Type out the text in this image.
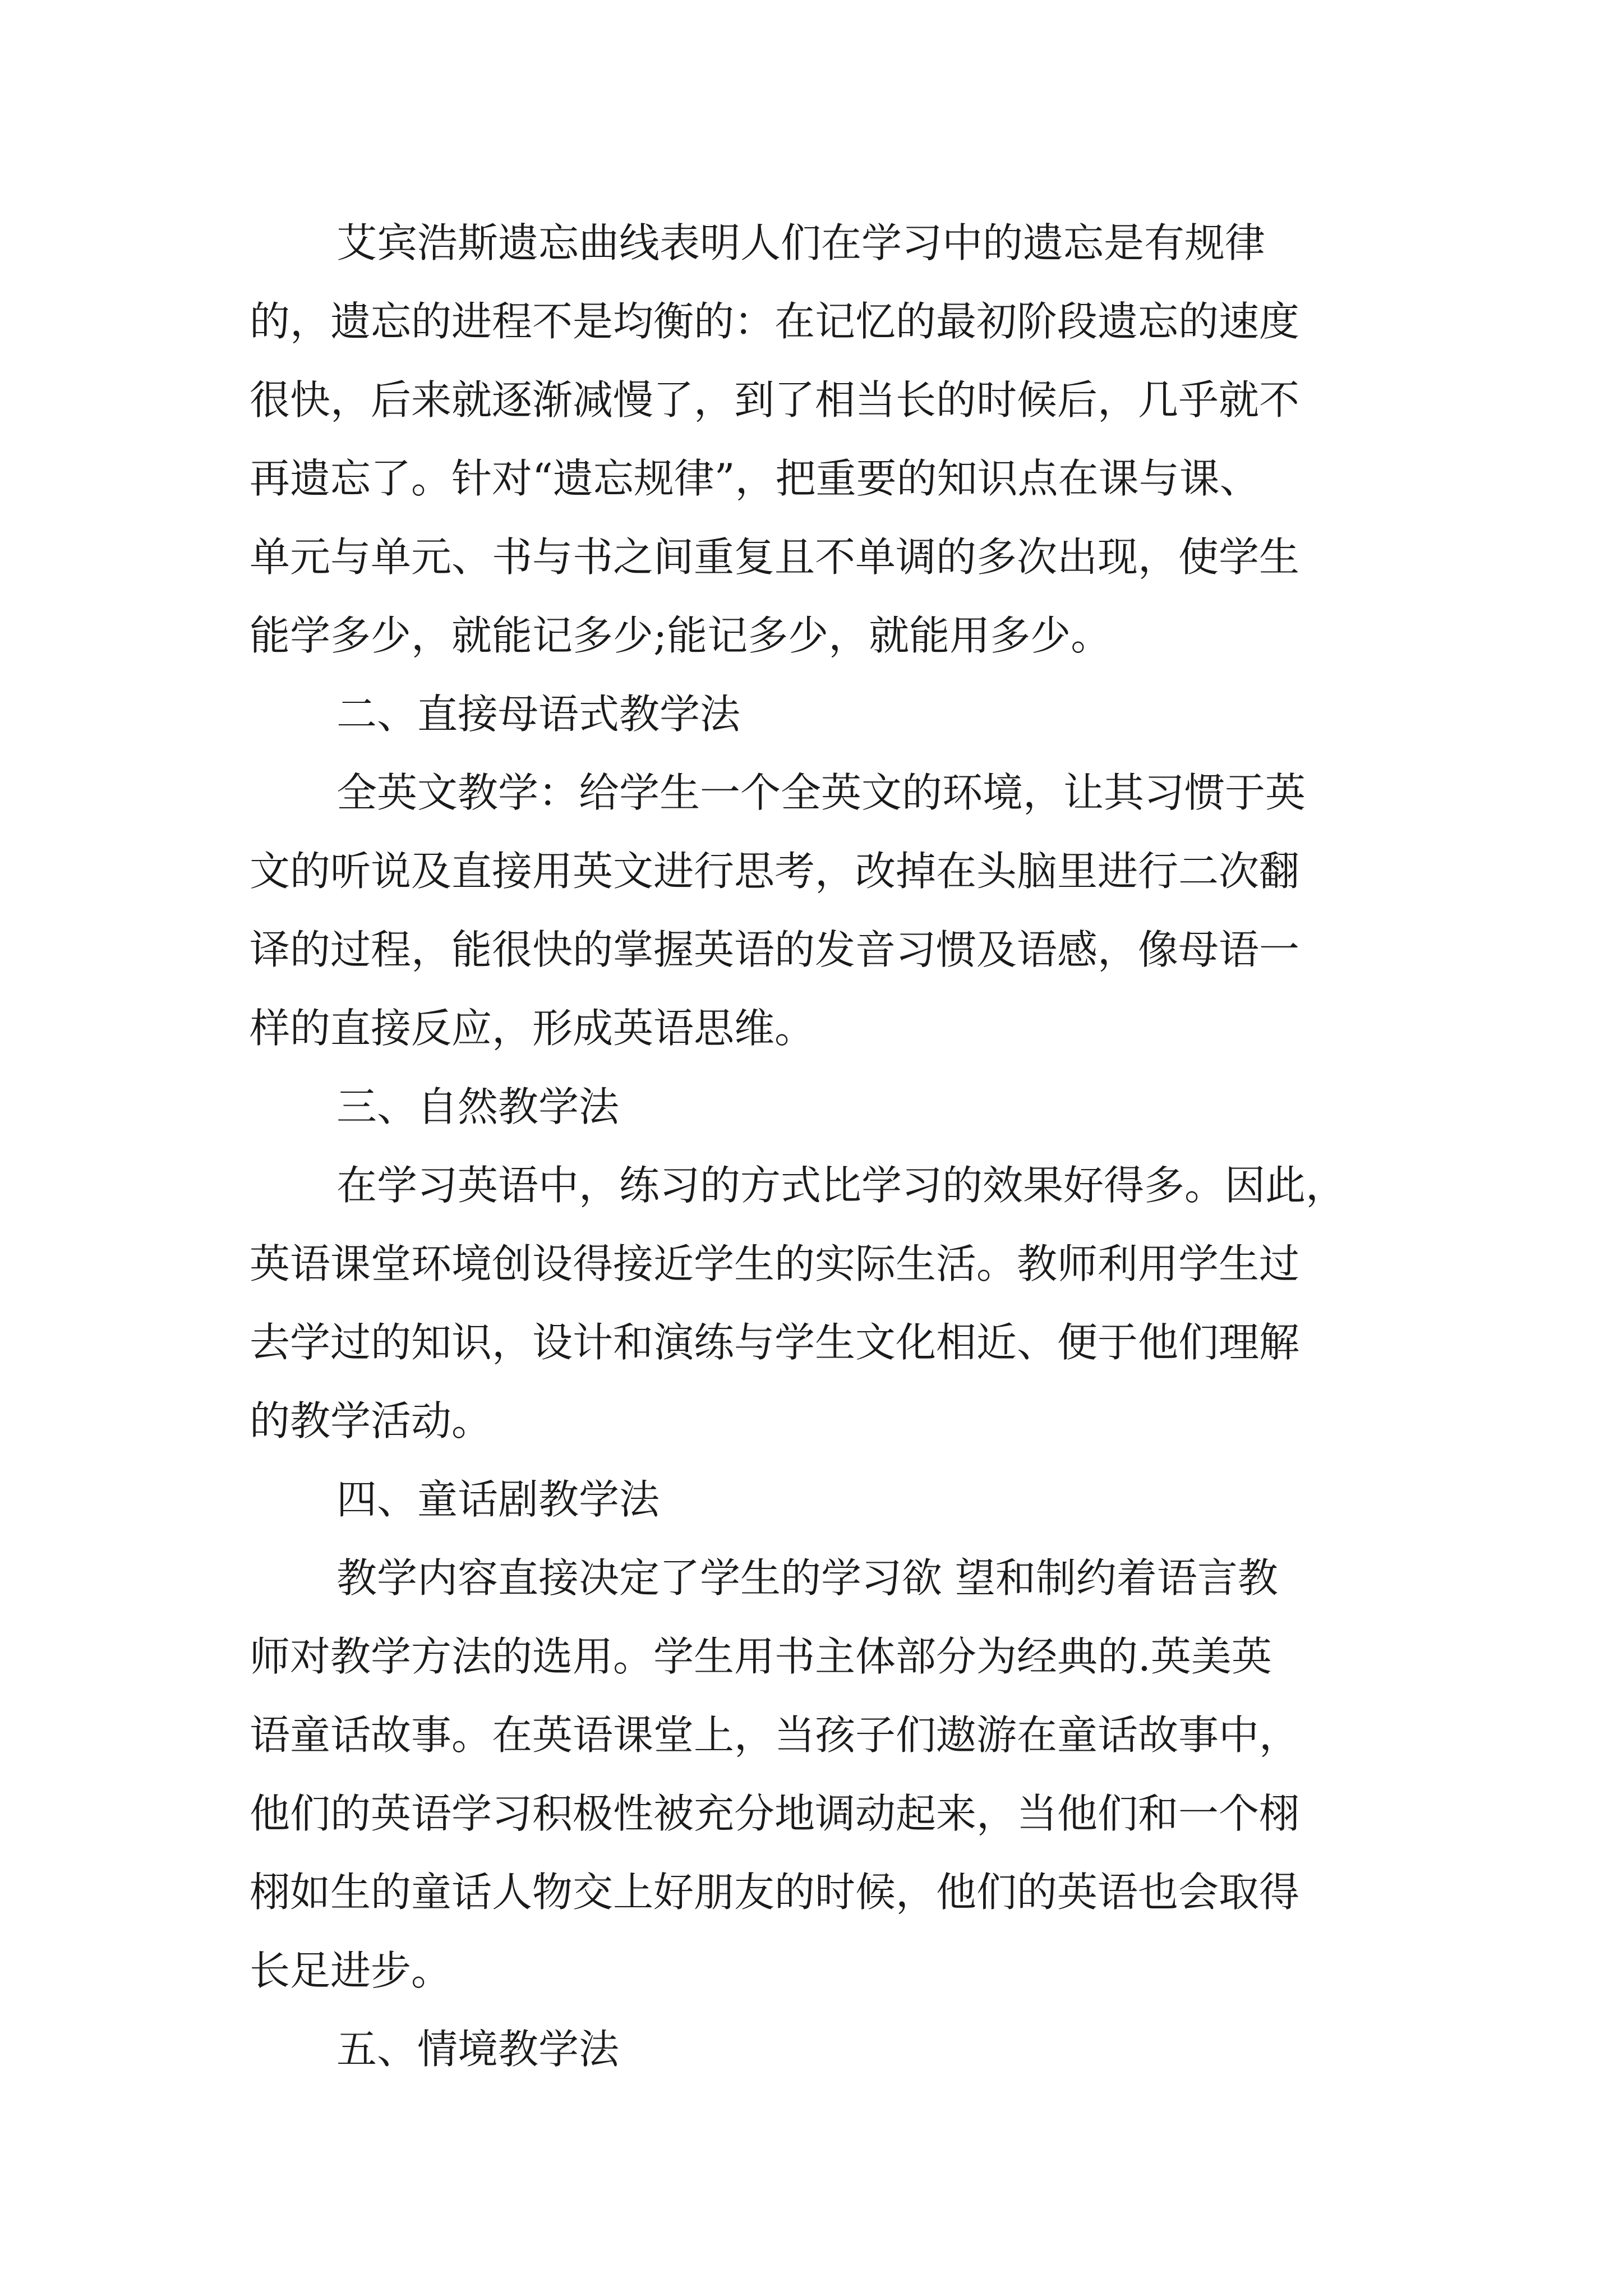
艾宾浩斯遗忘曲线表明人们在学习中的遗忘是有规律
的，遗忘的进程不是均衡的：在记忆的最初阶段遗忘的速度
很快，后来就逐渐减慢了，到了相当长的时候后，几乎就不
再遗忘了。针对“遗忘规律”，把重要的知识点在课与课、
单元与单元、书与书之间重复且不单调的多次出现，使学生
能学多少，就能记多少;能记多少，就能用多少。
二、直接母语式教学法
全英文教学：给学生一个全英文的环境，让其习惯于英
文的听说及直接用英文进行思考，改掉在头脑里进行二次翻
译的过程，能很快的掌握英语的发音习惯及语感，像母语一
样的直接反应，形成英语思维。
三、自然教学法
在学习英语中，练习的方式比学习的效果好得多。因此，
英语课堂环境创设得接近学生的实际生活。教师利用学生过
去学过的知识，设计和演练与学生文化相近、便于他们理解
的教学活动。
四、童话剧教学法
教学内容直接决定了学生的学习欲 望和制约着语言教
师对教学方法的选用。学生用书主体部分为经典的.英美英
语童话故事。在英语课堂上，当孩子们遨游在童话故事中，
他们的英语学习积极性被充分地调动起来，当他们和一个栩
栩如生的童话人物交上好朋友的时候，他们的英语也会取得
长足进步。
五、情境教学法
